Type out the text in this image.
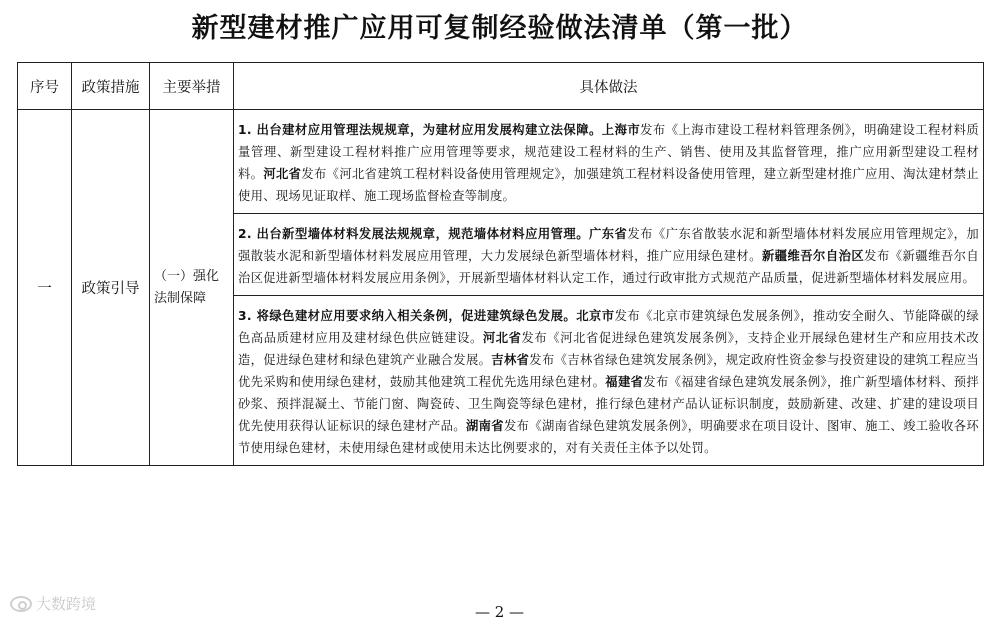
新型建材推广应用可复制经验做法清单（第一批）
序号	政策措施	主要举措	具体做法
一	政策引导	（一）强化法制保障	1. 出台建材应用管理法规规章，为建材应用发展构建立法保障。上海市发布《上海市建设工程材料管理条例》，明确建设工程材料质量管理、新型建设工程材料推广应用管理等要求，规范建设工程材料的生产、销售、使用及其监督管理，推广应用新型建设工程材料。河北省发布《河北省建筑工程材料设备使用管理规定》，加强建筑工程材料设备使用管理，建立新型建材推广应用、淘汰建材禁止使用、现场见证取样、施工现场监督检查等制度。
			2. 出台新型墙体材料发展法规规章，规范墙体材料应用管理。广东省发布《广东省散装水泥和新型墙体材料发展应用管理规定》，加强散装水泥和新型墙体材料发展应用管理，大力发展绿色新型墙体材料，推广应用绿色建材。新疆维吾尔自治区发布《新疆维吾尔自治区促进新型墙体材料发展应用条例》，开展新型墙体材料认定工作，通过行政审批方式规范产品质量，促进新型墙体材料发展应用。
			3. 将绿色建材应用要求纳入相关条例，促进建筑绿色发展。北京市发布《北京市建筑绿色发展条例》，推动安全耐久、节能降碳的绿色高品质建材应用及建材绿色供应链建设。河北省发布《河北省促进绿色建筑发展条例》，支持企业开展绿色建材生产和应用技术改造，促进绿色建材和绿色建筑产业融合发展。吉林省发布《吉林省绿色建筑发展条例》，规定政府性资金参与投资建设的建筑工程应当优先采购和使用绿色建材，鼓励其他建筑工程优先选用绿色建材。福建省发布《福建省绿色建筑发展条例》，推广新型墙体材料、预拌砂浆、预拌混凝土、节能门窗、陶瓷砖、卫生陶瓷等绿色建材，推行绿色建材产品认证标识制度，鼓励新建、改建、扩建的建设项目优先使用获得认证标识的绿色建材产品。湖南省发布《湖南省绿色建筑发展条例》，明确要求在项目设计、图审、施工、竣工验收各环节使用绿色建材，未使用绿色建材或使用未达比例要求的，对有关责任主体予以处罚。
大数跨境	— 2 —
